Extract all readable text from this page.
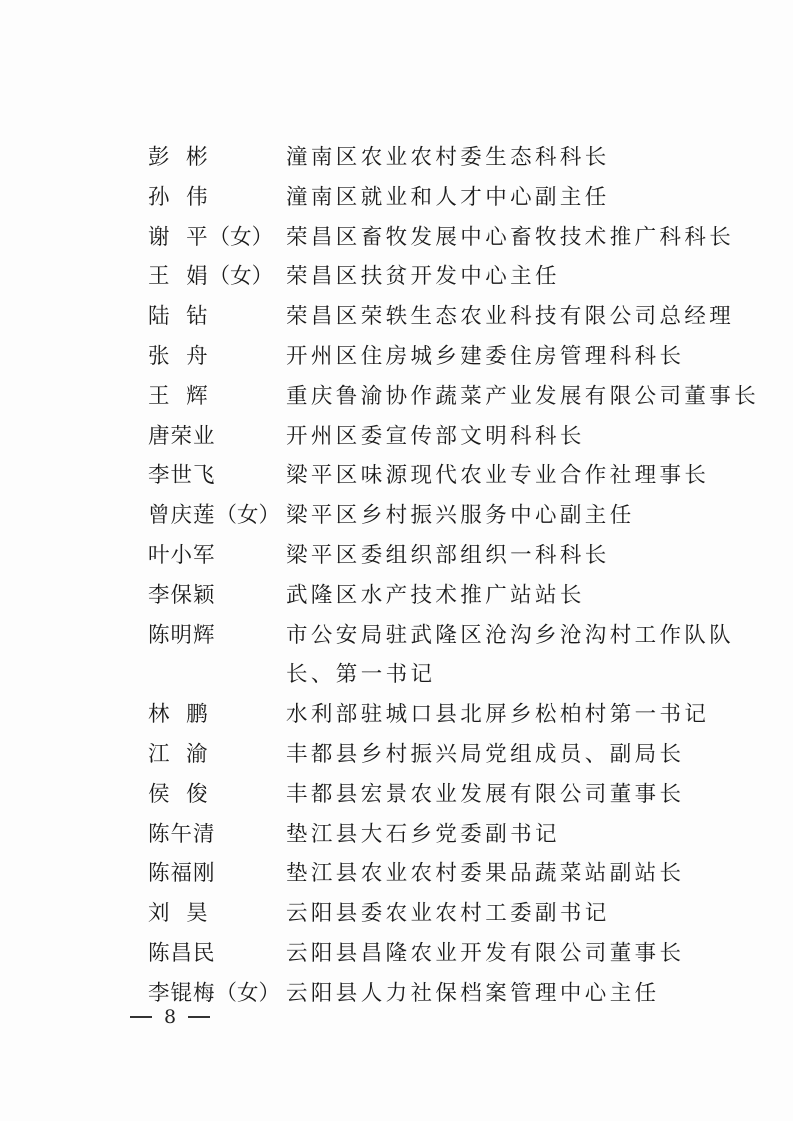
彭  彬	潼南区农业农村委生态科科长
孙  伟	潼南区就业和人才中心副主任
谢  平 （女） 荣昌区畜牧发展中心畜牧技术推广科科长
王  娟 （女） 荣昌区扶贫开发中心主任
陆  钻	荣昌区荣轶生态农业科技有限公司总经理
张  舟	开州区住房城乡建委住房管理科科长
王  辉	重庆鲁渝协作蔬菜产业发展有限公司董事长
唐荣业	开州区委宣传部文明科科长
李世飞	梁平区味源现代农业专业合作社理事长
曾庆莲 （女） 梁平区乡村振兴服务中心副主任
叶小军	梁平区委组织部组织一科科长
李保颖	武隆区水产技术推广站站长
陈明辉	市公安局驻武隆区沧沟乡沧沟村工作队队
长、第一书记
林  鹏	水利部驻城口县北屏乡松柏村第一书记
江  渝	丰都县乡村振兴局党组成员、副局长
侯  俊	丰都县宏景农业发展有限公司董事长
陈午清	垫江县大石乡党委副书记
陈福刚	垫江县农业农村委果品蔬菜站副站长
刘  昊	云阳县委农业农村工委副书记
陈昌民	云阳县昌隆农业开发有限公司董事长
李锟梅 （女） 云阳县人力社保档案管理中心主任
8
